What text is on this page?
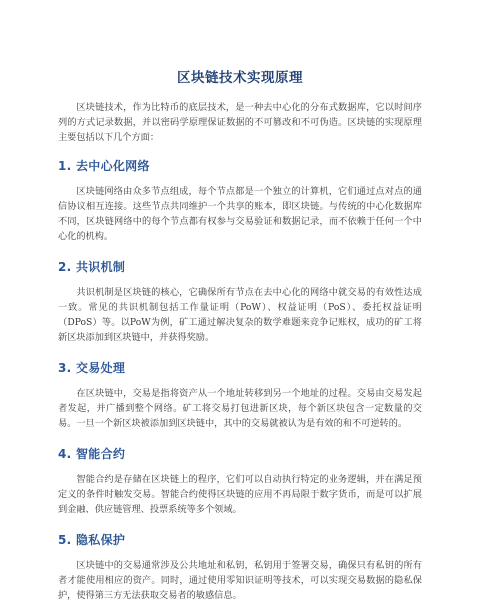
区块链技术实现原理

区块链技术，作为比特币的底层技术，是一种去中心化的分布式数据库，它以时间序列的方式记录数据，并以密码学原理保证数据的不可篡改和不可伪造。区块链的实现原理主要包括以下几个方面：

1. 去中心化网络

区块链网络由众多节点组成，每个节点都是一个独立的计算机，它们通过点对点的通信协议相互连接。这些节点共同维护一个共享的账本，即区块链。与传统的中心化数据库不同，区块链网络中的每个节点都有权参与交易验证和数据记录，而不依赖于任何一个中心化的机构。

2. 共识机制

共识机制是区块链的核心，它确保所有节点在去中心化的网络中就交易的有效性达成一致。常见的共识机制包括工作量证明（PoW）、权益证明（PoS）、委托权益证明（DPoS）等。以PoW为例，矿工通过解决复杂的数学难题来竞争记账权，成功的矿工将新区块添加到区块链中，并获得奖励。

3. 交易处理

在区块链中，交易是指将资产从一个地址转移到另一个地址的过程。交易由交易发起者发起，并广播到整个网络。矿工将交易打包进新区块，每个新区块包含一定数量的交易。一旦一个新区块被添加到区块链中，其中的交易就被认为是有效的和不可逆转的。

4. 智能合约

智能合约是存储在区块链上的程序，它们可以自动执行特定的业务逻辑，并在满足预定义的条件时触发交易。智能合约使得区块链的应用不再局限于数字货币，而是可以扩展到金融、供应链管理、投票系统等多个领域。

5. 隐私保护

区块链中的交易通常涉及公共地址和私钥，私钥用于签署交易，确保只有私钥的所有者才能使用相应的资产。同时，通过使用零知识证明等技术，可以实现交易数据的隐私保护，使得第三方无法获取交易者的敏感信息。
